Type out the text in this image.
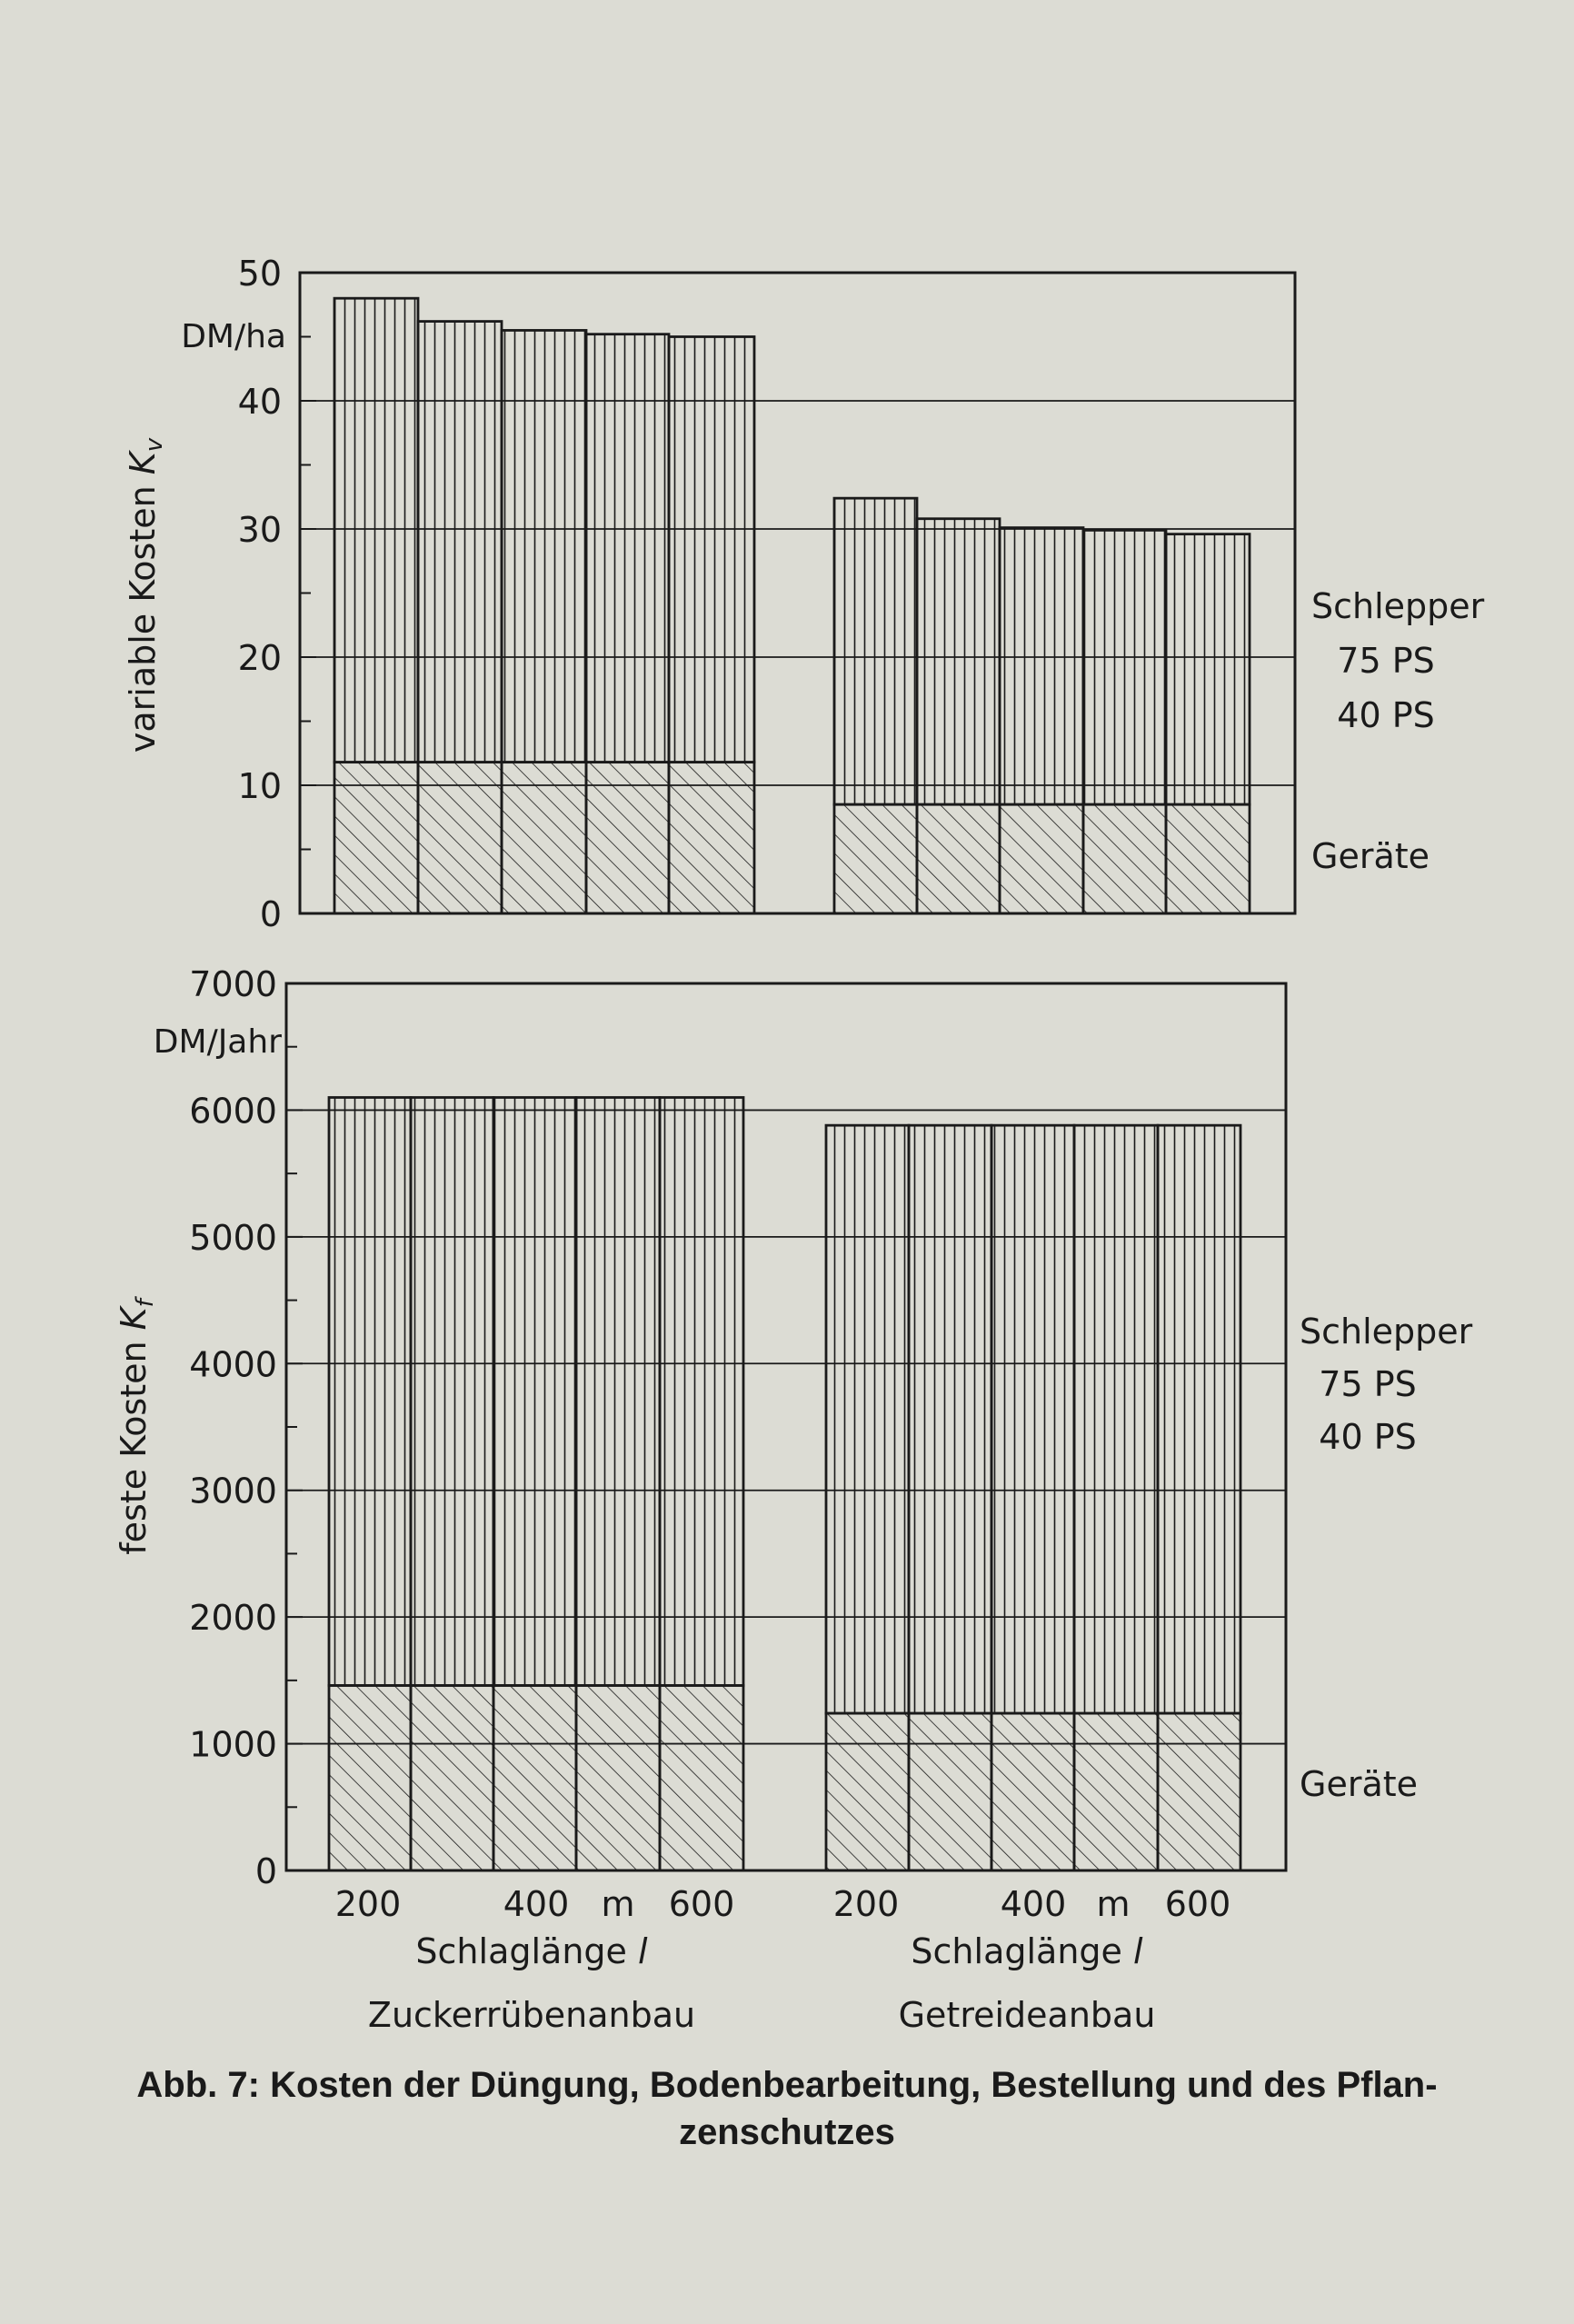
0
10
20
30
40
50
DM/ha
variable Kosten $K_v$
Schlepper
75 PS
40 PS
Geräte
0
1000
2000
3000
4000
5000
6000
7000
DM/Jahr
feste Kosten $K_f$
Schlepper
75 PS
40 PS
Geräte
200	400 m 600
Schlaglänge l
Zuckerrübenanbau
200	400 m 600
Schlaglänge l
Getreideanbau
Abb. 7: Kosten der Düngung, Bodenbearbeitung, Bestellung und des Pflan-
zenschutzes
